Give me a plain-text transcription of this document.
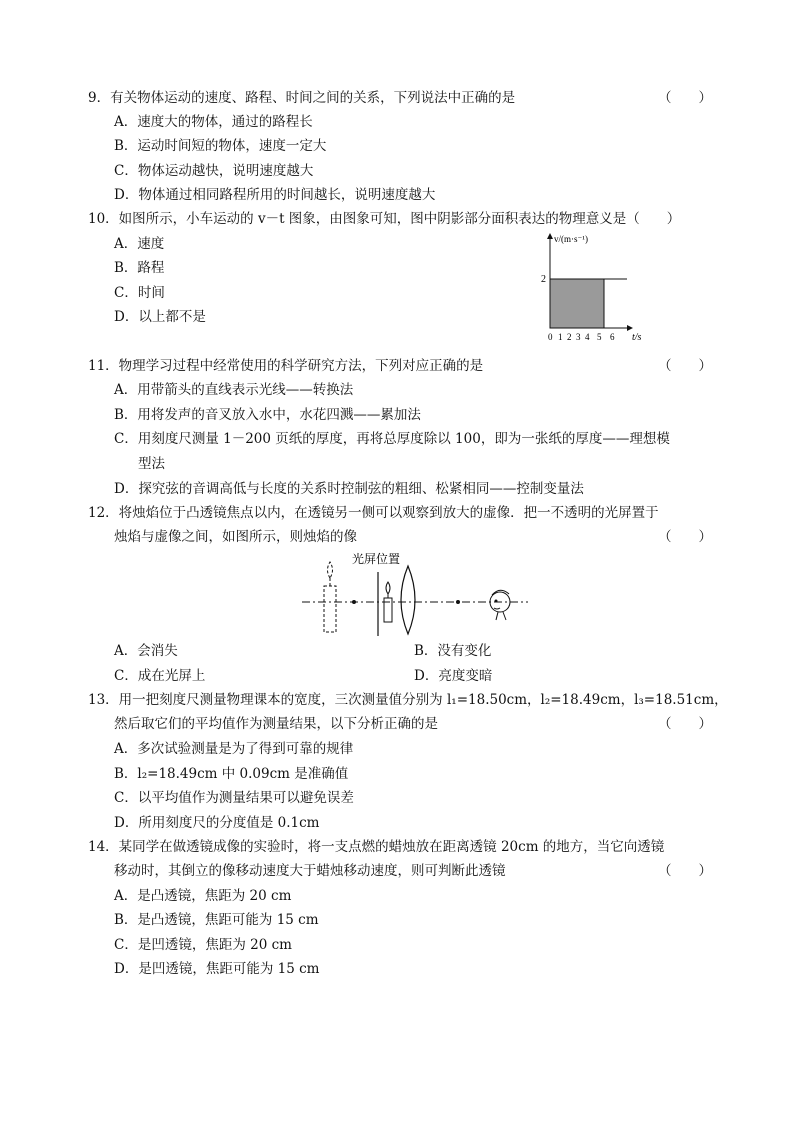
9．有关物体运动的速度、路程、时间之间的关系，下列说法中正确的是	（　　）
A．速度大的物体，通过的路程长
B．运动时间短的物体，速度一定大
C．物体运动越快，说明速度越大
D．物体通过相同路程所用的时间越长，说明速度越大
10．如图所示，小车运动的 v－t 图象，由图象可知，图中阴影部分面积表达的物理意义是（　　）
A．速度
B．路程
C．时间
D．以上都不是
v/(m·s⁻¹)
2
t/s
0 1 2 3 4 5 6
11．物理学习过程中经常使用的科学研究方法，下列对应正确的是	（　　）
A．用带箭头的直线表示光线——转换法
B．用将发声的音叉放入水中，水花四溅——累加法
C．用刻度尺测量 1－200 页纸的厚度，再将总厚度除以 100，即为一张纸的厚度——理想模
型法
D．探究弦的音调高低与长度的关系时控制弦的粗细、松紧相同——控制变量法
12．将烛焰位于凸透镜焦点以内，在透镜另一侧可以观察到放大的虚像．把一不透明的光屏置于
烛焰与虚像之间，如图所示，则烛焰的像	（　　）
光屏位置
A．会消失	B．没有变化
C．成在光屏上	D．亮度变暗
13．用一把刻度尺测量物理课本的宽度，三次测量值分别为 l₁=18.50cm，l₂=18.49cm，l₃=18.51cm，
然后取它们的平均值作为测量结果，以下分析正确的是	（　　）
A．多次试验测量是为了得到可靠的规律
B．l₂=18.49cm 中 0.09cm 是准确值
C．以平均值作为测量结果可以避免误差
D．所用刻度尺的分度值是 0.1cm
14．某同学在做透镜成像的实验时，将一支点燃的蜡烛放在距离透镜 20cm 的地方，当它向透镜
移动时，其倒立的像移动速度大于蜡烛移动速度，则可判断此透镜	（　　）
A．是凸透镜，焦距为 20 cm
B．是凸透镜，焦距可能为 15 cm
C．是凹透镜，焦距为 20 cm
D．是凹透镜，焦距可能为 15 cm
